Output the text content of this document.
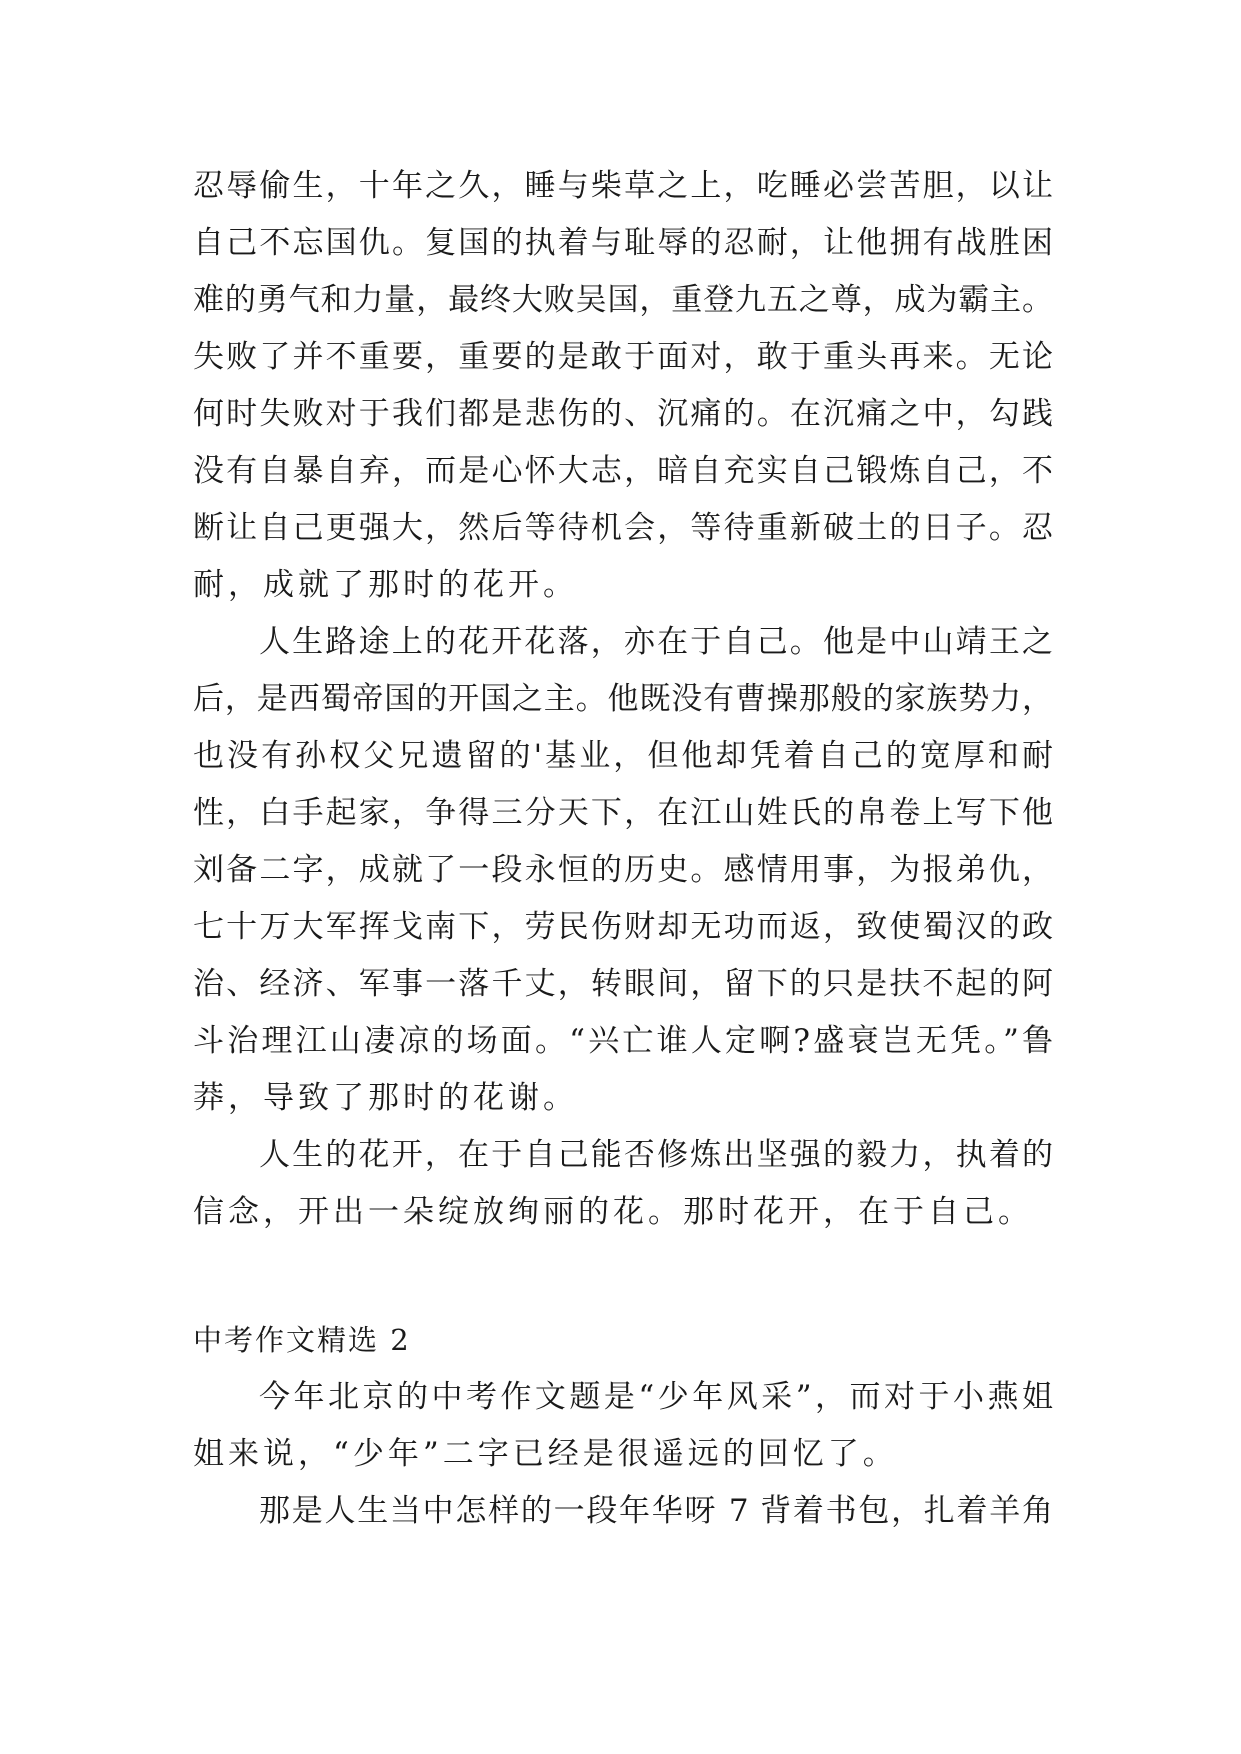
忍辱偷生，十年之久，睡与柴草之上，吃睡必尝苦胆，以让
自己不忘国仇。复国的执着与耻辱的忍耐，让他拥有战胜困
难的勇气和力量，最终大败吴国，重登九五之尊，成为霸主。
失败了并不重要，重要的是敢于面对，敢于重头再来。无论
何时失败对于我们都是悲伤的、沉痛的。在沉痛之中，勾践
没有自暴自弃，而是心怀大志，暗自充实自己锻炼自己，不
断让自己更强大，然后等待机会，等待重新破土的日子。忍
耐，成就了那时的花开。
人生路途上的花开花落，亦在于自己。他是中山靖王之
后，是西蜀帝国的开国之主。他既没有曹操那般的家族势力，
也没有孙权父兄遗留的'基业，但他却凭着自己的宽厚和耐
性，白手起家，争得三分天下，在江山姓氏的帛卷上写下他
刘备二字，成就了一段永恒的历史。感情用事，为报弟仇，
七十万大军挥戈南下，劳民伤财却无功而返，致使蜀汉的政
治、经济、军事一落千丈，转眼间，留下的只是扶不起的阿
斗治理江山凄凉的场面。“兴亡谁人定啊?盛衰岂无凭。”鲁
莽，导致了那时的花谢。
人生的花开，在于自己能否修炼出坚强的毅力，执着的
信念，开出一朵绽放绚丽的花。那时花开，在于自己。
中考作文精选 2
今年北京的中考作文题是“少年风采”，而对于小燕姐
姐来说，“少年”二字已经是很遥远的回忆了。
那是人生当中怎样的一段年华呀 7 背着书包，扎着羊角
